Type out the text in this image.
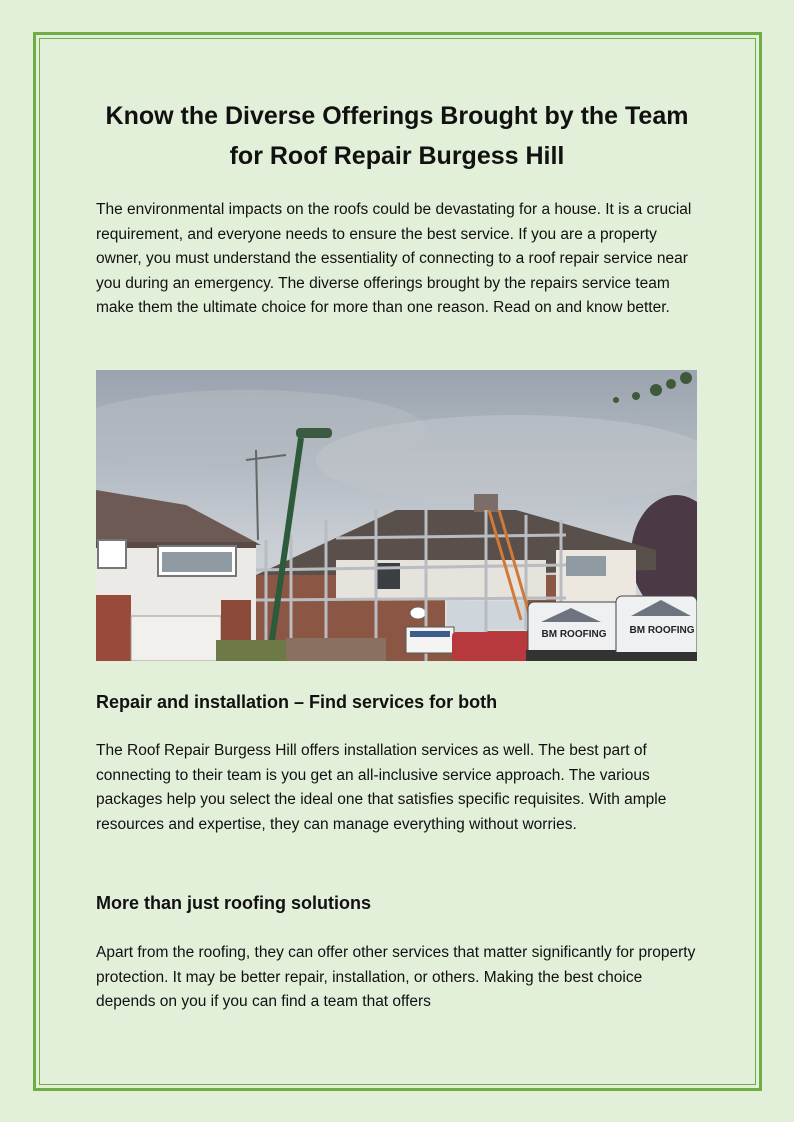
Know the Diverse Offerings Brought by the Team for Roof Repair Burgess Hill

The environmental impacts on the roofs could be devastating for a house. It is a crucial requirement, and everyone needs to ensure the best service. If you are a property owner, you must understand the essentiality of connecting to a roof repair service near you during an emergency. The diverse offerings brought by the repairs service team make them the ultimate choice for more than one reason. Read on and know better.

BM ROOFING BM ROOFING
Repair and installation – Find services for both

The Roof Repair Burgess Hill offers installation services as well. The best part of connecting to their team is you get an all-inclusive service approach. The various packages help you select the ideal one that satisfies specific requisites. With ample resources and expertise, they can manage everything without worries.

More than just roofing solutions

Apart from the roofing, they can offer other services that matter significantly for property protection. It may be better repair, installation, or others. Making the best choice depends on you if you can find a team that offers
